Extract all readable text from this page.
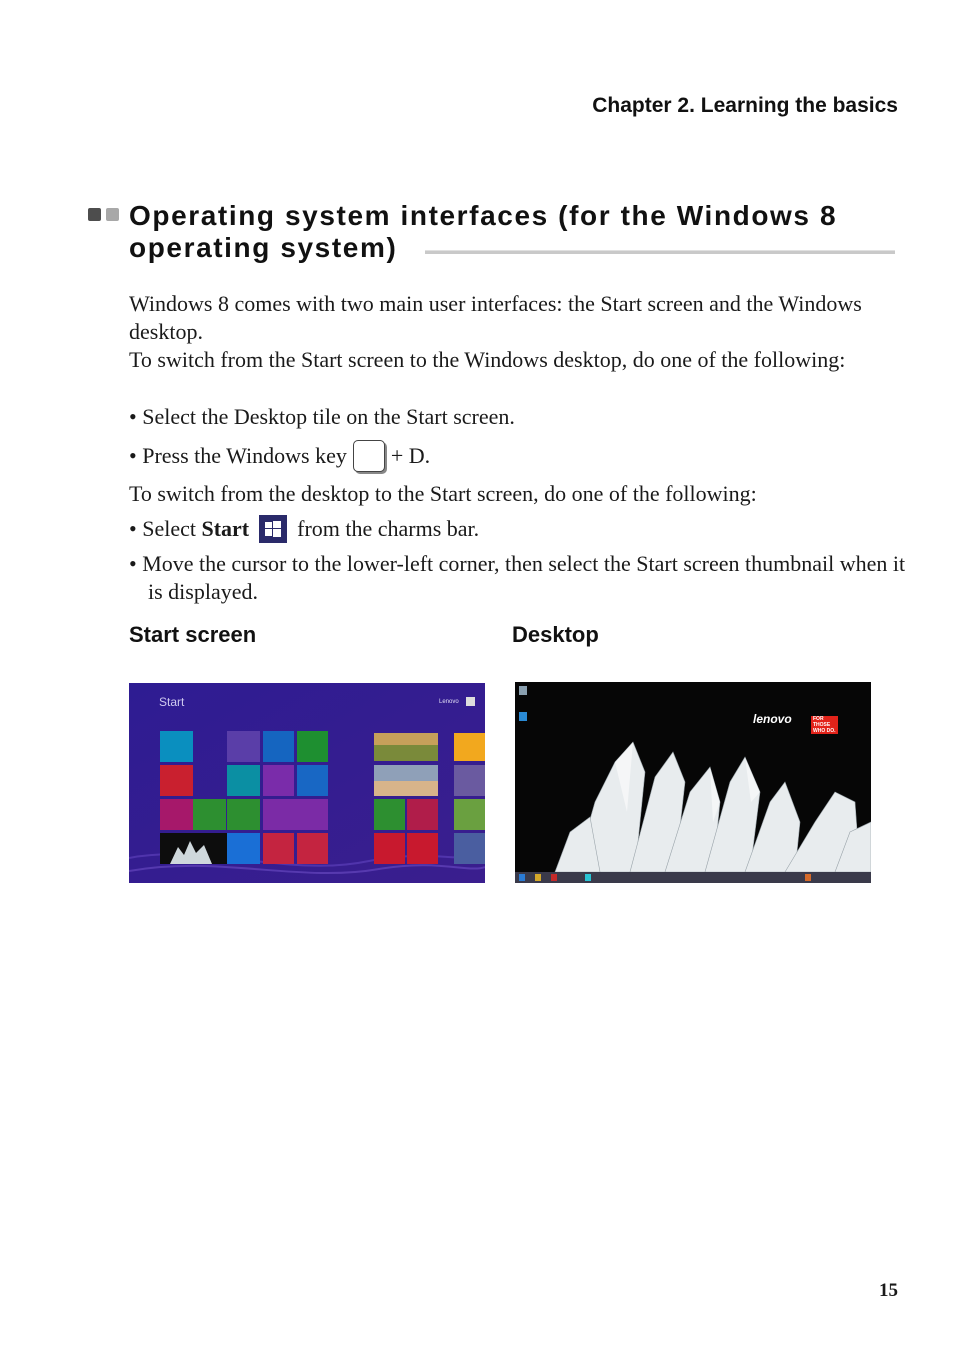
Chapter 2. Learning the basics
Operating system interfaces (for the Windows 8 operating system)
Windows 8 comes with two main user interfaces: the Start screen and the Windows desktop.
To switch from the Start screen to the Windows desktop, do one of the following:
• Select the Desktop tile on the Start screen.
• Press the Windows key + D.
To switch from the desktop to the Start screen, do one of the following:
• Select Start from the charms bar.
• Move the cursor to the lower-left corner, then select the Start screen thumbnail when it is displayed.
Start screen	Desktop
Start	Lenovo
lenovo	FOR
THOSE
WHO DO.
15
